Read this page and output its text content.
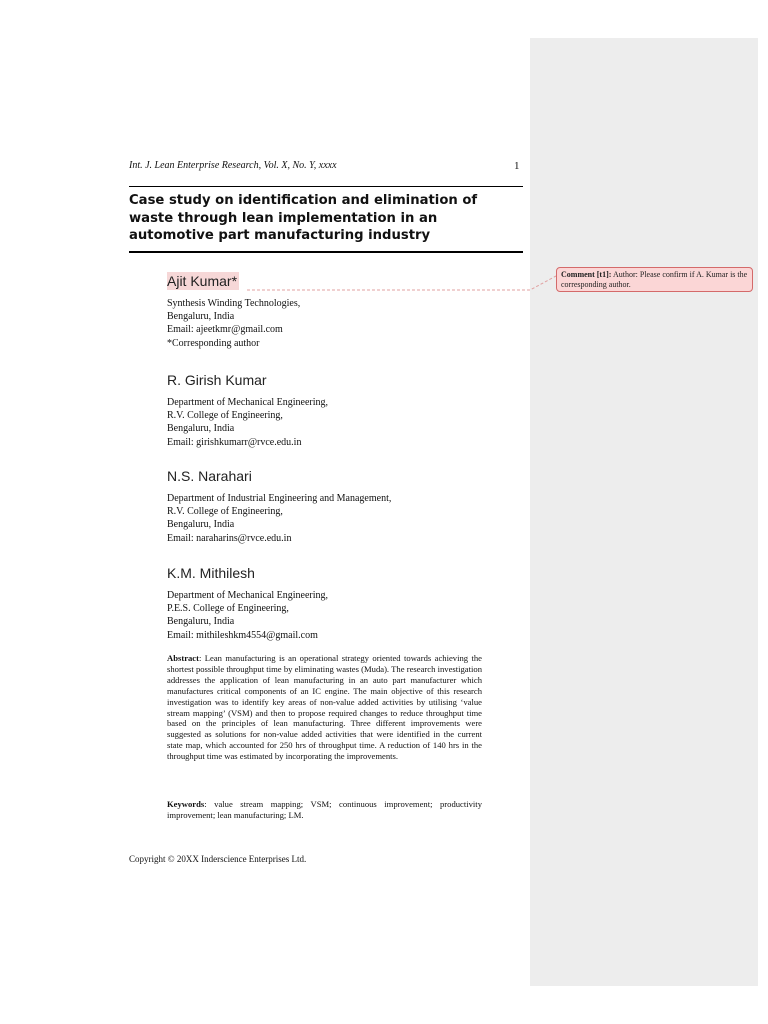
Int. J. Lean Enterprise Research, Vol. X, No. Y, xxxx	1
Case study on identification and elimination of waste through lean implementation in an automotive part manufacturing industry
Ajit Kumar*
Synthesis Winding Technologies,
Bengaluru, India
Email: ajeetkmr@gmail.com
*Corresponding author
R. Girish Kumar
Department of Mechanical Engineering,
R.V. College of Engineering,
Bengaluru, India
Email: girishkumarr@rvce.edu.in
N.S. Narahari
Department of Industrial Engineering and Management,
R.V. College of Engineering,
Bengaluru, India
Email: naraharins@rvce.edu.in
K.M. Mithilesh
Department of Mechanical Engineering,
P.E.S. College of Engineering,
Bengaluru, India
Email: mithileshkm4554@gmail.com
Abstract: Lean manufacturing is an operational strategy oriented towards achieving the shortest possible throughput time by eliminating wastes (Muda). The research investigation addresses the application of lean manufacturing in an auto part manufacturer which manufactures critical components of an IC engine. The main objective of this research investigation was to identify key areas of non-value added activities by utilising ‘value stream mapping’ (VSM) and then to propose required changes to reduce throughput time based on the principles of lean manufacturing. Three different improvements were suggested as solutions for non-value added activities that were identified in the current state map, which accounted for 250 hrs of throughput time. A reduction of 140 hrs in the throughput time was estimated by incorporating the improvements.
Keywords: value stream mapping; VSM; continuous improvement; productivity improvement; lean manufacturing; LM.
Copyright © 20XX Inderscience Enterprises Ltd.
Comment [t1]: Author: Please confirm if A. Kumar is the corresponding author.
